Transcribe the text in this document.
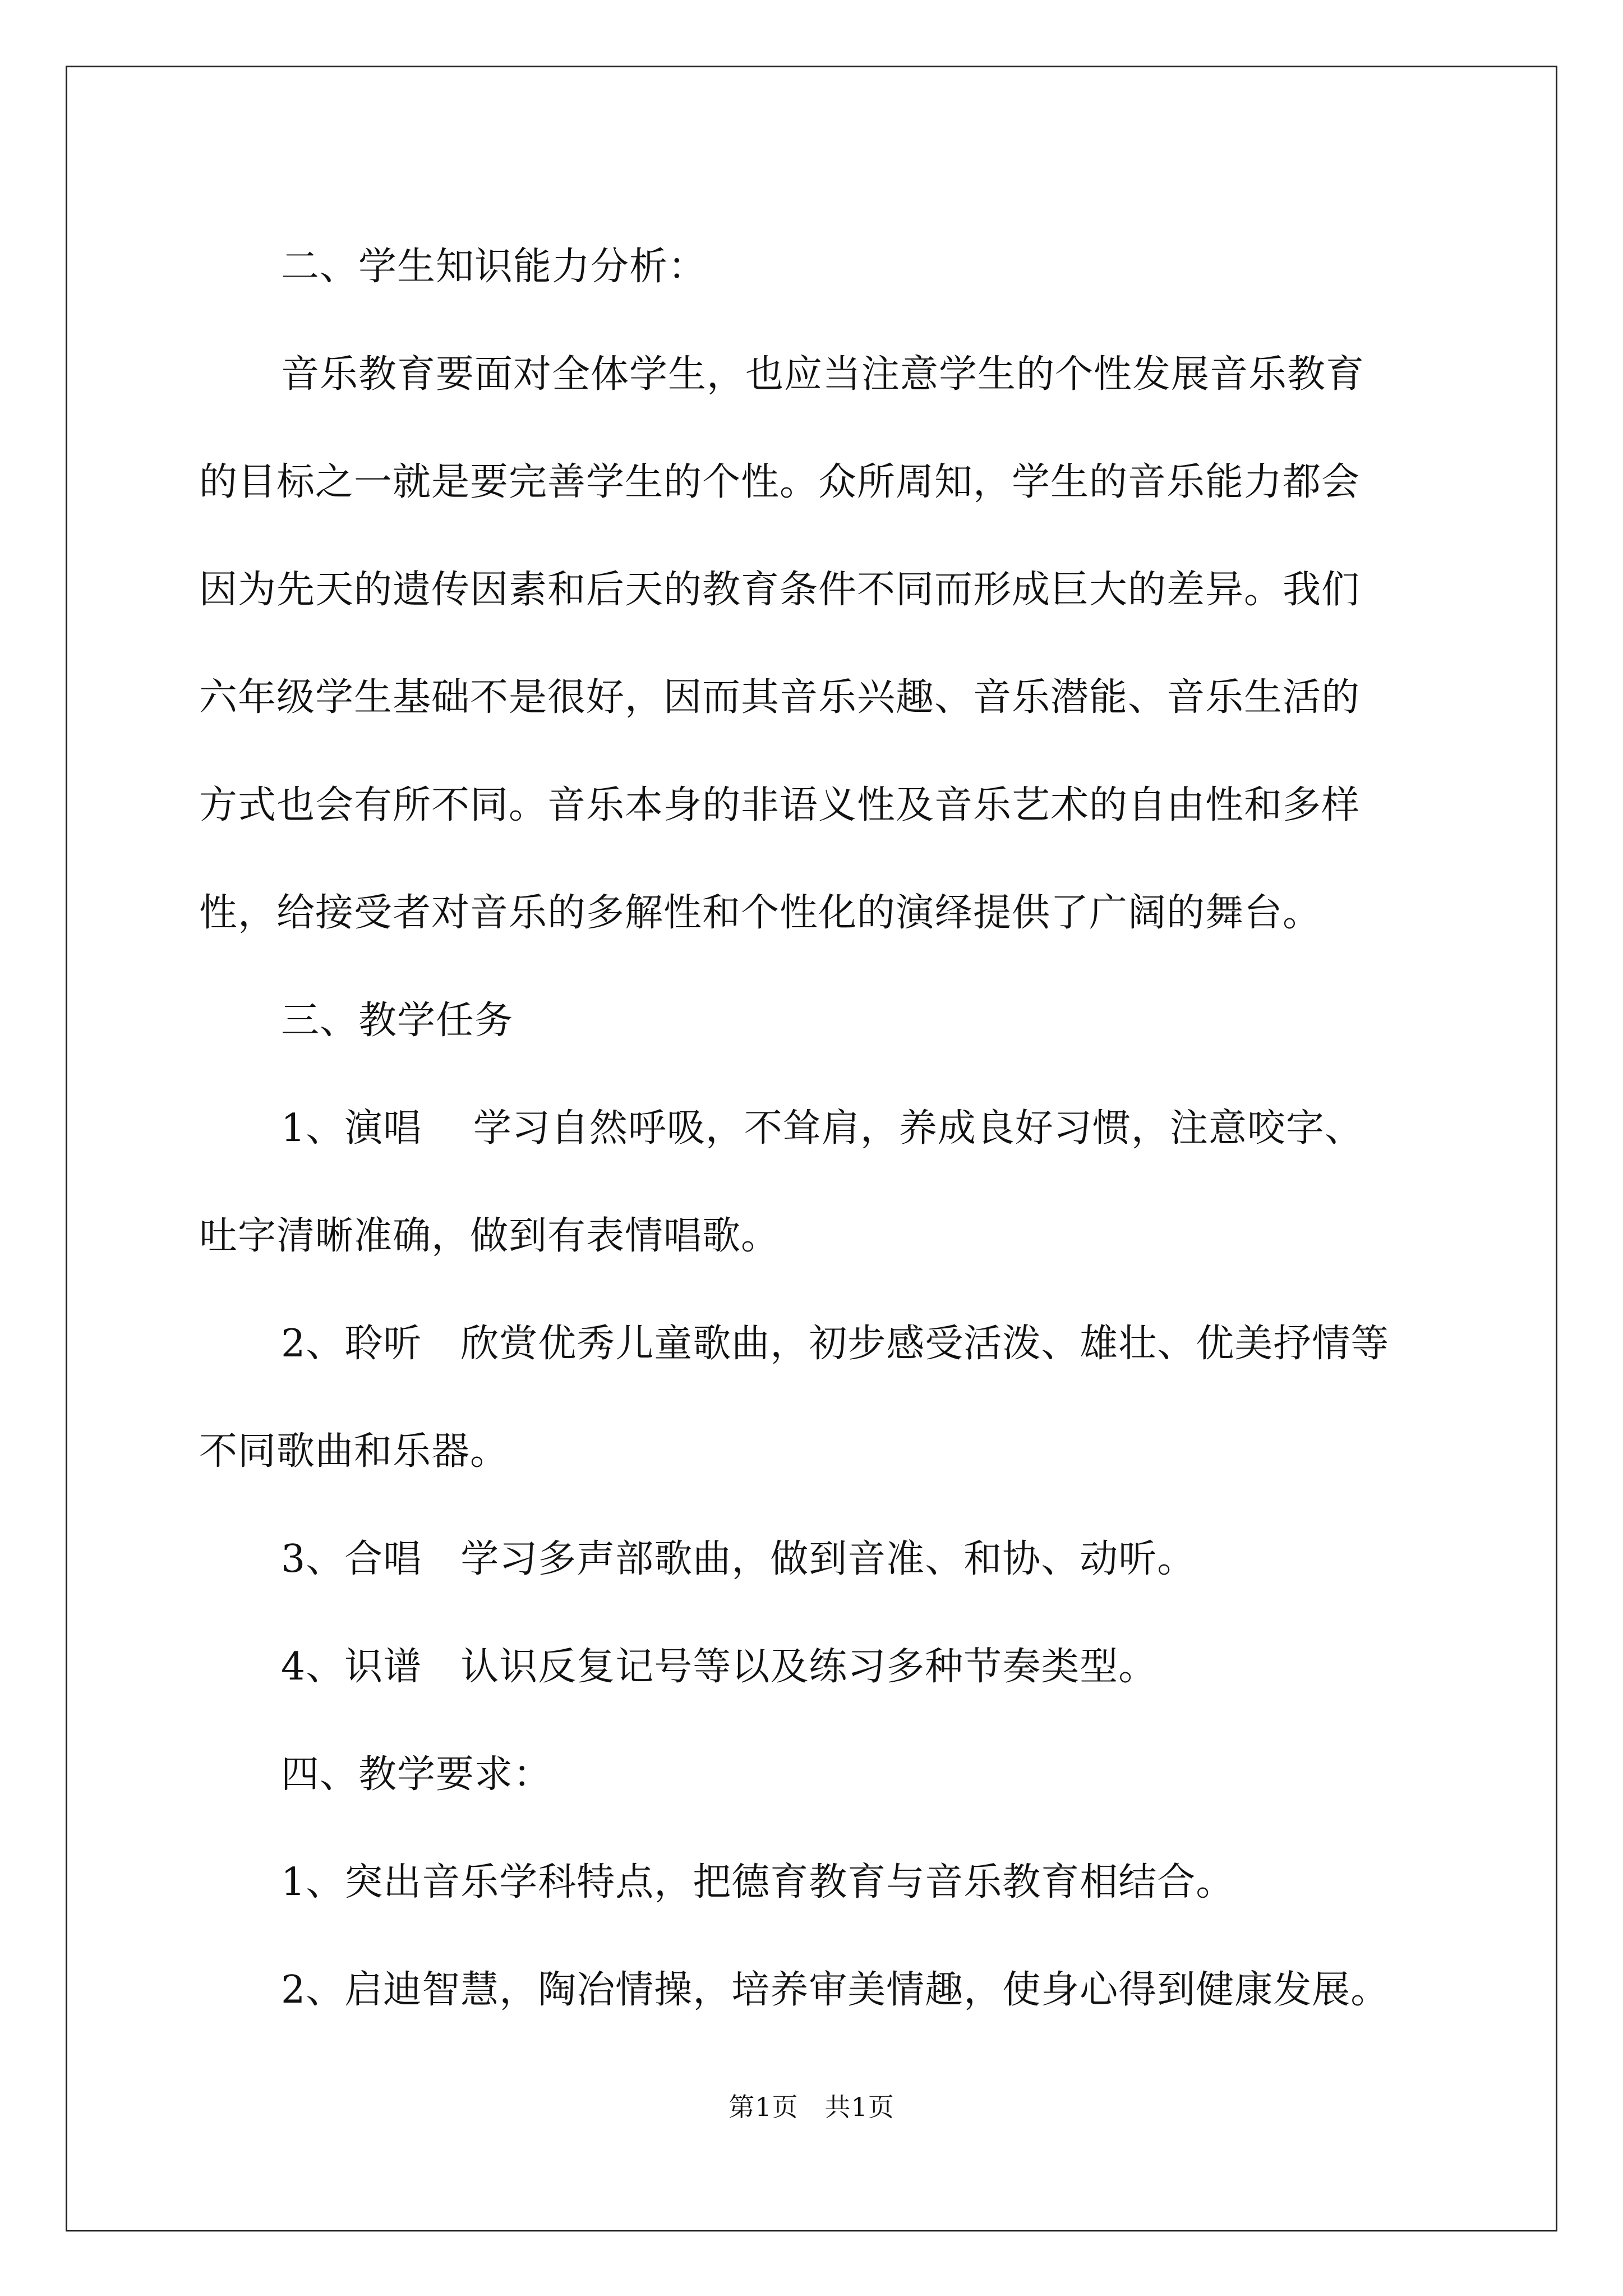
二、学生知识能力分析：
音乐教育要面对全体学生，也应当注意学生的个性发展音乐教育
的目标之一就是要完善学生的个性。众所周知，学生的音乐能力都会
因为先天的遗传因素和后天的教育条件不同而形成巨大的差异。我们
六年级学生基础不是很好，因而其音乐兴趣、音乐潜能、音乐生活的
方式也会有所不同。音乐本身的非语义性及音乐艺术的自由性和多样
性，给接受者对音乐的多解性和个性化的演绎提供了广阔的舞台。
三、教学任务
1、演唱　 学习自然呼吸，不耸肩，养成良好习惯，注意咬字、
吐字清晰准确，做到有表情唱歌。
2、聆听　欣赏优秀儿童歌曲，初步感受活泼、雄壮、优美抒情等
不同歌曲和乐器。
3、合唱　学习多声部歌曲，做到音准、和协、动听。
4、识谱　认识反复记号等以及练习多种节奏类型。
四、教学要求：
1、突出音乐学科特点，把德育教育与音乐教育相结合。
2、启迪智慧，陶冶情操，培养审美情趣，使身心得到健康发展。
第1页　共1页
